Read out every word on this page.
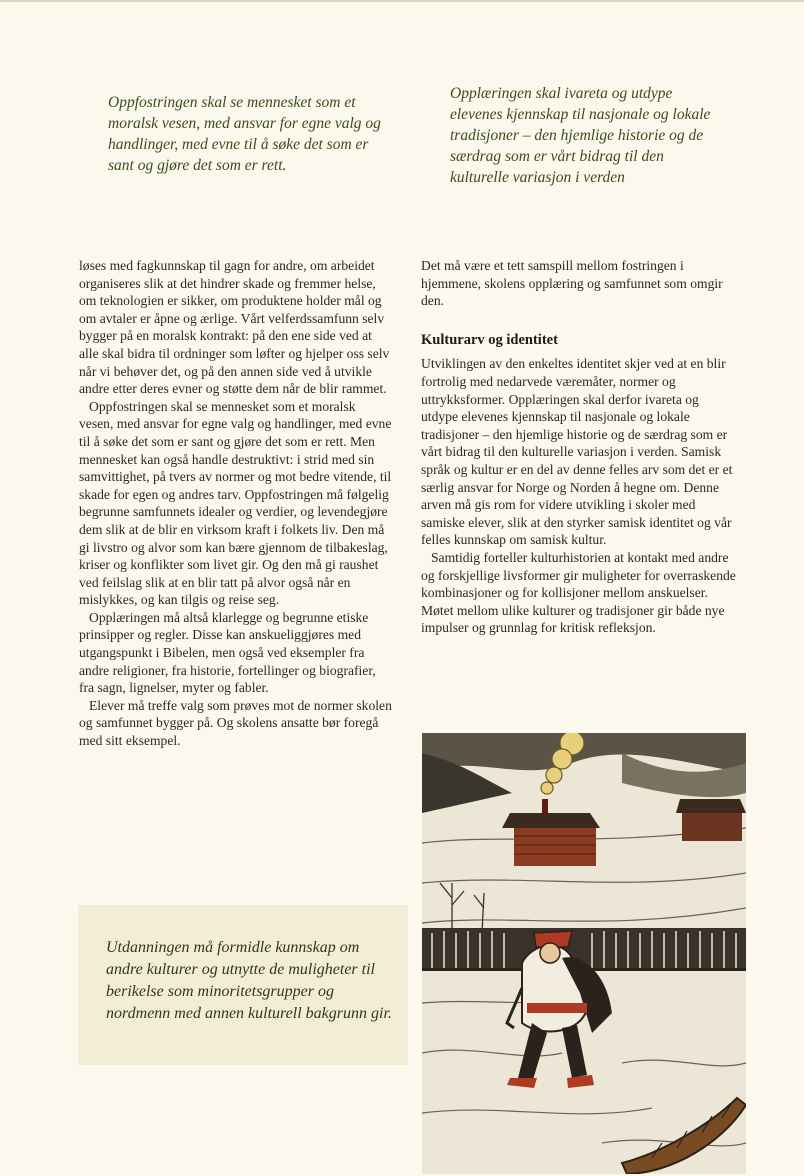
Oppfostringen skal se mennesket som et moralsk vesen, med ansvar for egne valg og handlinger, med evne til å søke det som er sant og gjøre det som er rett.

Opplæringen skal ivareta og utdype elevenes kjennskap til nasjonale og lokale tradisjoner – den hjemlige historie og de særdrag som er vårt bidrag til den kulturelle variasjon i verden

løses med fagkunnskap til gagn for andre, om arbeidet organiseres slik at det hindrer skade og fremmer helse, om teknologien er sikker, om produktene holder mål og om avtaler er åpne og ærlige. Vårt velferdssamfunn selv bygger på en moralsk kontrakt: på den ene side ved at alle skal bidra til ordninger som løfter og hjelper oss selv når vi behøver det, og på den annen side ved å utvikle andre etter deres evner og støtte dem når de blir rammet.

Oppfostringen skal se mennesket som et moralsk vesen, med ansvar for egne valg og handlinger, med evne til å søke det som er sant og gjøre det som er rett. Men mennesket kan også handle destruktivt: i strid med sin samvittighet, på tvers av normer og mot bedre vitende, til skade for egen og andres tarv. Oppfostringen må følgelig begrunne samfunnets idealer og verdier, og levendegjøre dem slik at de blir en virksom kraft i folkets liv. Den må gi livstro og alvor som kan bære gjennom de tilbakeslag, kriser og konflikter som livet gir. Og den må gi raushet ved feilslag slik at en blir tatt på alvor også når en mislykkes, og kan tilgis og reise seg.

Opplæringen må altså klarlegge og begrunne etiske prinsipper og regler. Disse kan anskueliggjøres med utgangspunkt i Bibelen, men også ved eksempler fra andre religioner, fra historie, fortellinger og biografier, fra sagn, lignelser, myter og fabler.

Elever må treffe valg som prøves mot de normer skolen og samfunnet bygger på. Og skolens ansatte bør foregå med sitt eksempel.

Det må være et tett samspill mellom fostringen i hjemmene, skolens opplæring og samfunnet som omgir den.

Kulturarv og identitet

Utviklingen av den enkeltes identitet skjer ved at en blir fortrolig med nedarvede væremåter, normer og uttrykksformer. Opplæringen skal derfor ivareta og utdype elevenes kjennskap til nasjonale og lokale tradisjoner – den hjemlige historie og de særdrag som er vårt bidrag til den kulturelle variasjon i verden. Samisk språk og kultur er en del av denne felles arv som det er et særlig ansvar for Norge og Norden å hegne om. Denne arven må gis rom for videre utvikling i skoler med samiske elever, slik at den styrker samisk identitet og vår felles kunnskap om samisk kultur.

Samtidig forteller kulturhistorien at kontakt med andre og forskjellige livsformer gir muligheter for overraskende kombinasjoner og for kollisjoner mellom anskuelser. Møtet mellom ulike kulturer og tradisjoner gir både nye impulser og grunnlag for kritisk refleksjon.

Utdanningen må formidle kunnskap om andre kulturer og utnytte de muligheter til berikelse som minoritetsgrupper og nordmenn med annen kulturell bakgrunn gir.
